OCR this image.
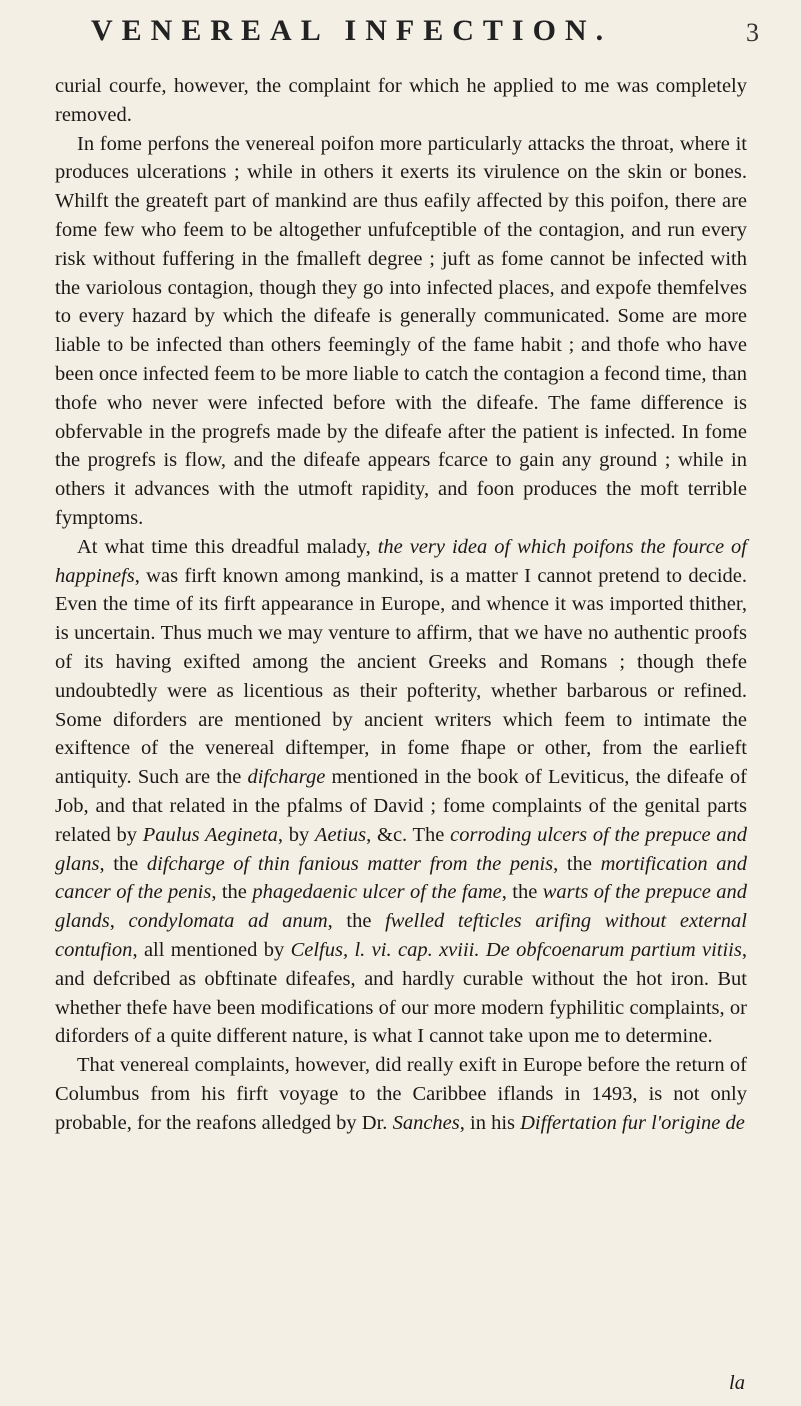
VENEREAL INFECTION.	3

curial courfe, however, the complaint for which he applied to me was completely removed.

In fome perfons the venereal poifon more particularly attacks the throat, where it produces ulcerations ; while in others it exerts its virulence on the skin or bones. Whilft the greateft part of mankind are thus eafily affected by this poifon, there are fome few who feem to be altogether unfufceptible of the contagion, and run every risk without fuffering in the fmalleft degree ; juft as fome cannot be infected with the variolous contagion, though they go into infected places, and expofe themfelves to every hazard by which the difeafe is generally communicated. Some are more liable to be infected than others feemingly of the fame habit ; and thofe who have been once infected feem to be more liable to catch the contagion a fecond time, than thofe who never were infected before with the difeafe. The fame difference is obfervable in the progrefs made by the difeafe after the patient is infected. In fome the progrefs is flow, and the difeafe appears fcarce to gain any ground ; while in others it advances with the utmoft rapidity, and foon produces the moft terrible fymptoms.

At what time this dreadful malady, the very idea of which poifons the fource of happinefs, was firft known among mankind, is a matter I cannot pretend to decide. Even the time of its firft appearance in Europe, and whence it was imported thither, is uncertain. Thus much we may venture to affirm, that we have no authentic proofs of its having exifted among the ancient Greeks and Romans ; though thefe undoubtedly were as licentious as their pofterity, whether barbarous or refined. Some diforders are mentioned by ancient writers which feem to intimate the exiftence of the venereal diftemper, in fome fhape or other, from the earlieft antiquity. Such are the difcharge mentioned in the book of Leviticus, the difeafe of Job, and that related in the pfalms of David ; fome complaints of the genital parts related by Paulus Aegineta, by Aetius, &c. The corroding ulcers of the prepuce and glans, the difcharge of thin fanious matter from the penis, the mortification and cancer of the penis, the phagedaenic ulcer of the fame, the warts of the prepuce and glands, condylomata ad anum, the fwelled tefticles arifing without external contufion, all mentioned by Celfus, l. vi. cap. xviii. De obfcoenarum partium vitiis, and defcribed as obftinate difeafes, and hardly curable without the hot iron. But whether thefe have been modifications of our more modern fyphilitic complaints, or diforders of a quite different nature, is what I cannot take upon me to determine.

That venereal complaints, however, did really exift in Europe before the return of Columbus from his firft voyage to the Caribbee iflands in 1493, is not only probable, for the reafons alledged by Dr. Sanches, in his Differtation fur l'origine de

la
